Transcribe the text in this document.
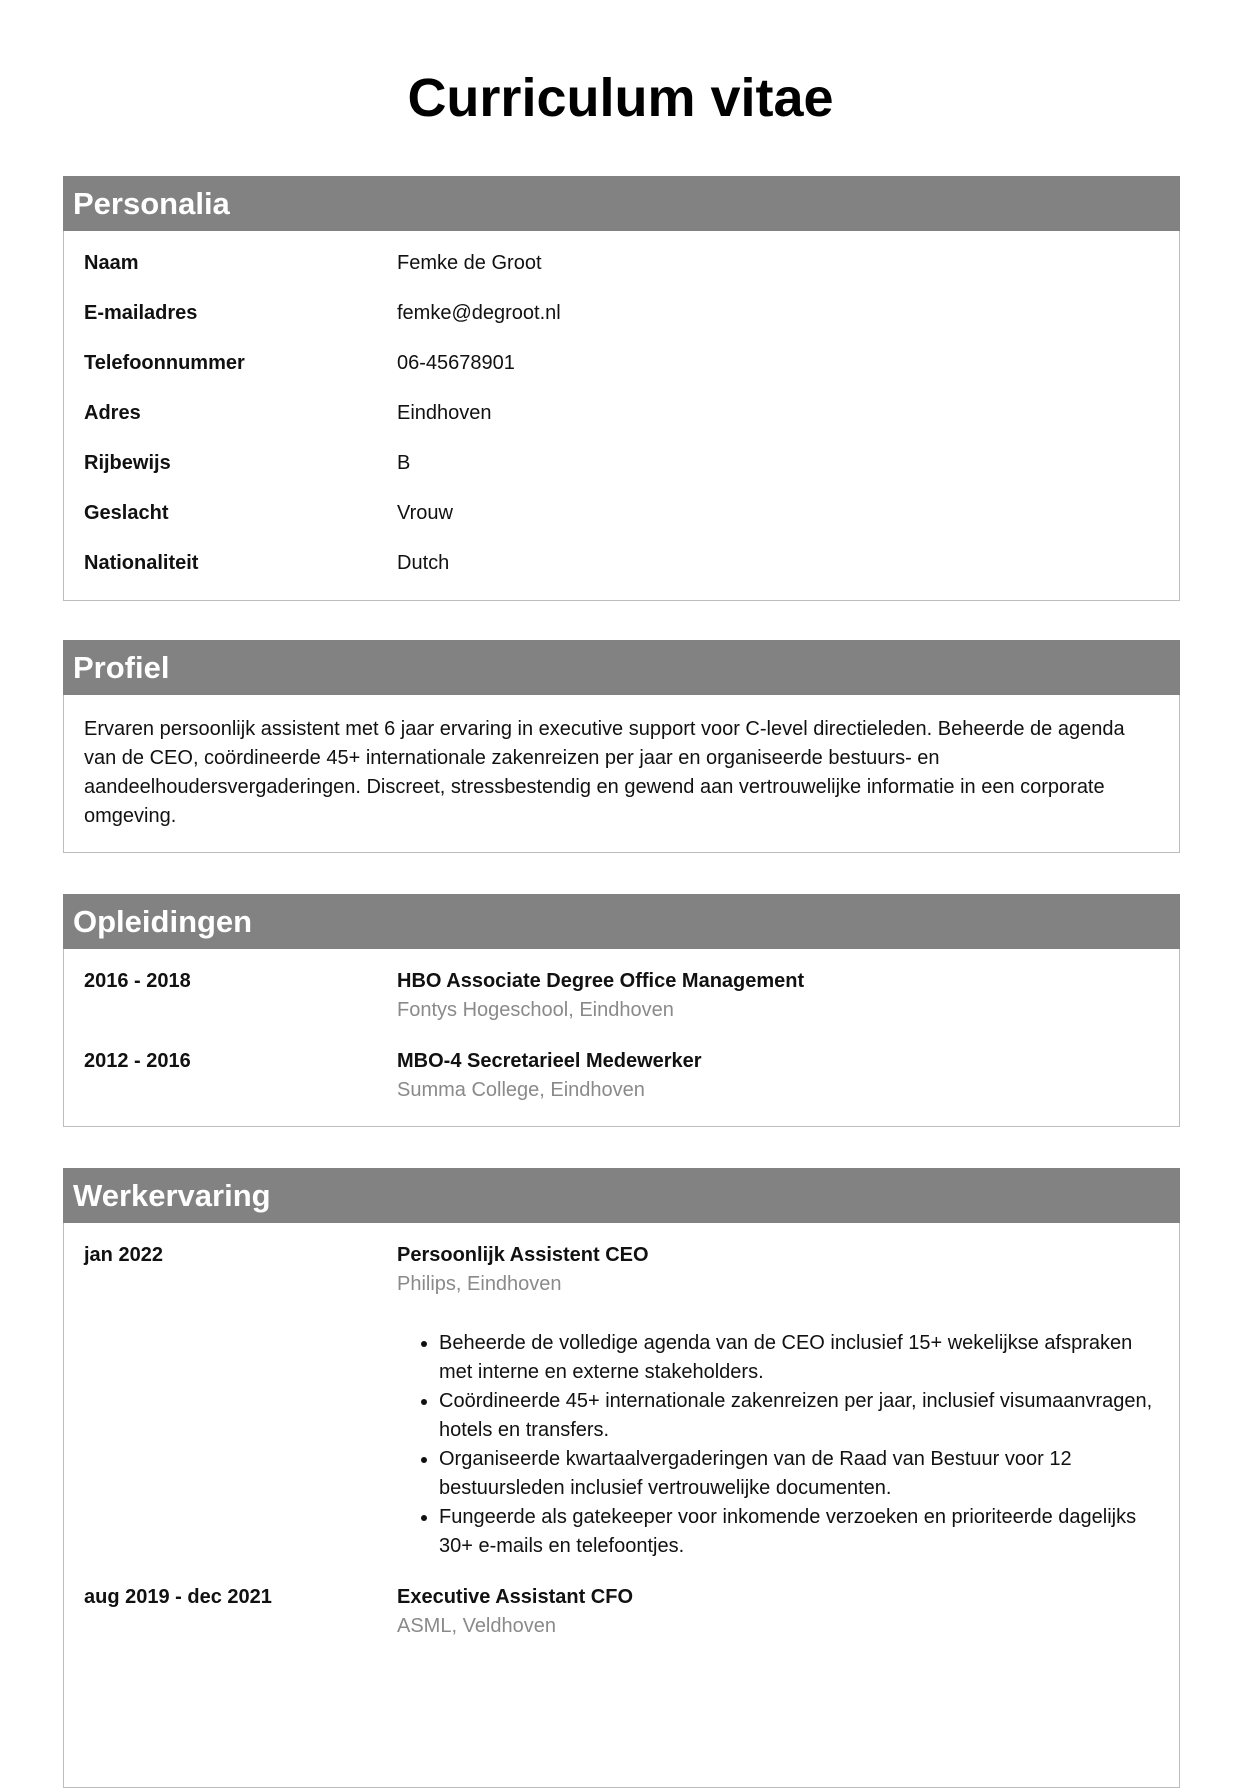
Curriculum vitae
Personalia
Naam	Femke de Groot
E-mailadres	femke@degroot.nl
Telefoonnummer	06-45678901
Adres	Eindhoven
Rijbewijs	B
Geslacht	Vrouw
Nationaliteit	Dutch
Profiel
Ervaren persoonlijk assistent met 6 jaar ervaring in executive support voor C-level directieleden. Beheerde de agenda van de CEO, coördineerde 45+ internationale zakenreizen per jaar en organiseerde bestuurs- en aandeelhoudersvergaderingen. Discreet, stressbestendig en gewend aan vertrouwelijke informatie in een corporate omgeving.
Opleidingen
2016 - 2018	HBO Associate Degree Office Management
Fontys Hogeschool, Eindhoven
2012 - 2016	MBO-4 Secretarieel Medewerker
Summa College, Eindhoven
Werkervaring
jan 2022	Persoonlijk Assistent CEO
Philips, Eindhoven
• Beheerde de volledige agenda van de CEO inclusief 15+ wekelijkse afspraken met interne en externe stakeholders.
• Coördineerde 45+ internationale zakenreizen per jaar, inclusief visumaanvragen, hotels en transfers.
• Organiseerde kwartaalvergaderingen van de Raad van Bestuur voor 12 bestuursleden inclusief vertrouwelijke documenten.
• Fungeerde als gatekeeper voor inkomende verzoeken en prioriteerde dagelijks 30+ e-mails en telefoontjes.
aug 2019 - dec 2021	Executive Assistant CFO
ASML, Veldhoven
